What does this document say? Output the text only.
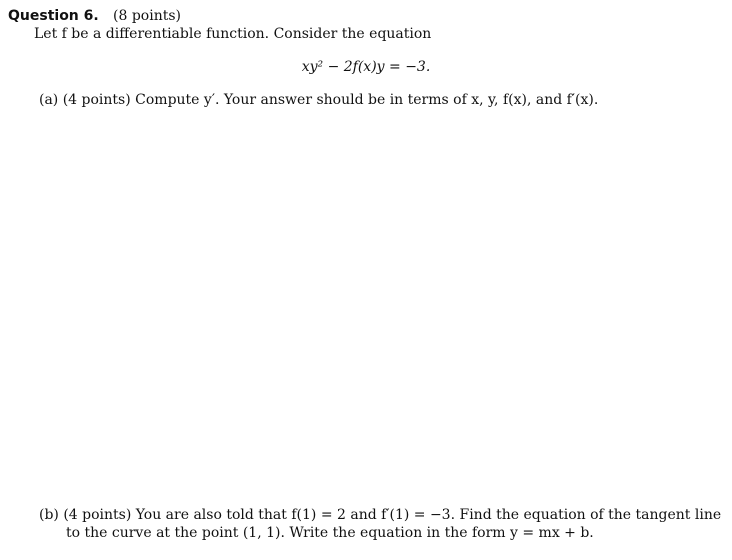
Question 6. (8 points)
Let f be a differentiable function. Consider the equation
xy² − 2f(x)y = −3.
(a) (4 points) Compute y′. Your answer should be in terms of x, y, f(x), and f′(x).
(b) (4 points) You are also told that f(1) = 2 and f′(1) = −3. Find the equation of the tangent line
to the curve at the point (1, 1). Write the equation in the form y = mx + b.
